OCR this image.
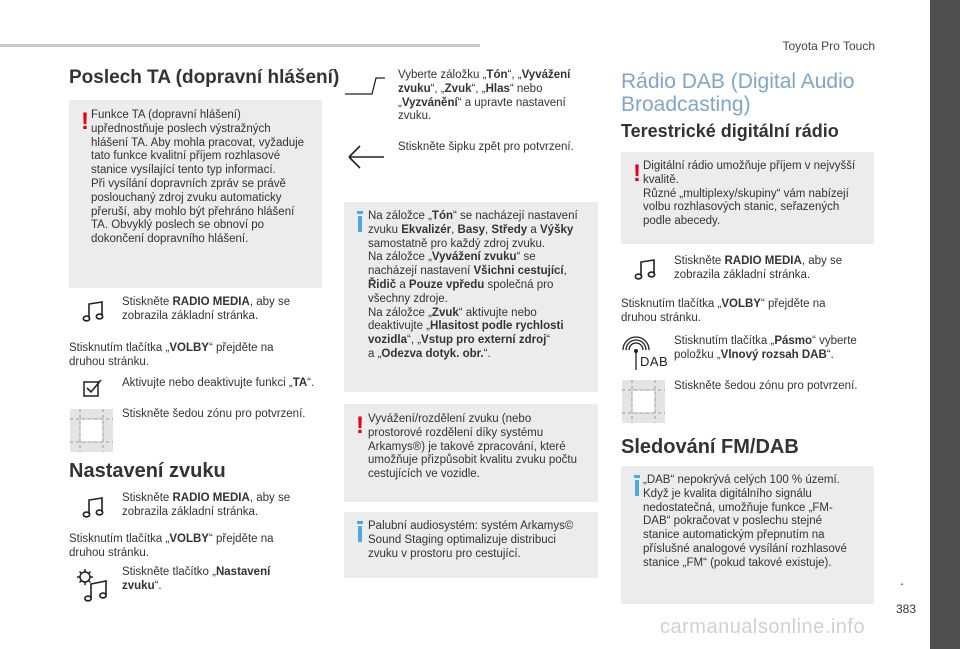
Toyota Pro Touch
Poslech TA (dopravní hlášení)
! Funkce TA (dopravní hlášení)
upřednostňuje poslech výstražných
hlášení TA. Aby mohla pracovat, vyžaduje
tato funkce kvalitní příjem rozhlasové
stanice vysílající tento typ informací.
Při vysílání dopravních zpráv se právě
poslouchaný zdroj zvuku automaticky
přeruší, aby mohlo být přehráno hlášení
TA. Obvyklý poslech se obnoví po
dokončení dopravního hlášení.
Stiskněte RADIO MEDIA, aby se
zobrazila základní stránka.
Stisknutím tlačítka „VOLBY“ přejděte na
druhou stránku.
Aktivujte nebo deaktivujte funkci „TA“.
Stiskněte šedou zónu pro potvrzení.
Nastavení zvuku
Stiskněte RADIO MEDIA, aby se
zobrazila základní stránka.
Stisknutím tlačítka „VOLBY“ přejděte na
druhou stránku.
Stiskněte tlačítko „Nastavení
zvuku“.
Vyberte záložku „Tón“, „Vyvážení
zvuku“, „Zvuk“, „Hlas“ nebo
„Vyzvánění“ a upravte nastavení
zvuku.
Stiskněte šipku zpět pro potvrzení.
Na záložce „Tón“ se nacházejí nastavení
zvuku Ekvalizér, Basy, Středy a Výšky
samostatně pro každý zdroj zvuku.
Na záložce „Vyvážení zvuku“ se
nacházejí nastavení Všichni cestující,
Řidič a Pouze vpředu společná pro
všechny zdroje.
Na záložce „Zvuk“ aktivujte nebo
deaktivujte „Hlasitost podle rychlosti
vozidla“, „Vstup pro externí zdroj“
a „Odezva dotyk. obr.“.
! Vyvážení/rozdělení zvuku (nebo
prostorové rozdělení díky systému
Arkamys®) je takové zpracování, které
umožňuje přizpůsobit kvalitu zvuku počtu
cestujících ve vozidle.
Palubní audiosystém: systém Arkamys©
Sound Staging optimalizuje distribuci
zvuku v prostoru pro cestující.
Rádio DAB (Digital Audio
Broadcasting)
Terestrické digitální rádio
! Digitální rádio umožňuje příjem v nejvyšší
kvalitě.
Různé „multiplexy/skupiny“ vám nabízejí
volbu rozhlasových stanic, seřazených
podle abecedy.
Stiskněte RADIO MEDIA, aby se
zobrazila základní stránka.
Stisknutím tlačítka „VOLBY“ přejděte na
druhou stránku.
DAB
Stisknutím tlačítka „Pásmo“ vyberte
položku „Vlnový rozsah DAB“.
Stiskněte šedou zónu pro potvrzení.
Sledování FM/DAB
„DAB“ nepokrývá celých 100 % území.
Když je kvalita digitálního signálu
nedostatečná, umožňuje funkce „FM-
DAB“ pokračovat v poslechu stejné
stanice automatickým přepnutím na
příslušné analogové vysílání rozhlasové
stanice „FM“ (pokud takové existuje).
.
383
carmanualsonline.info
